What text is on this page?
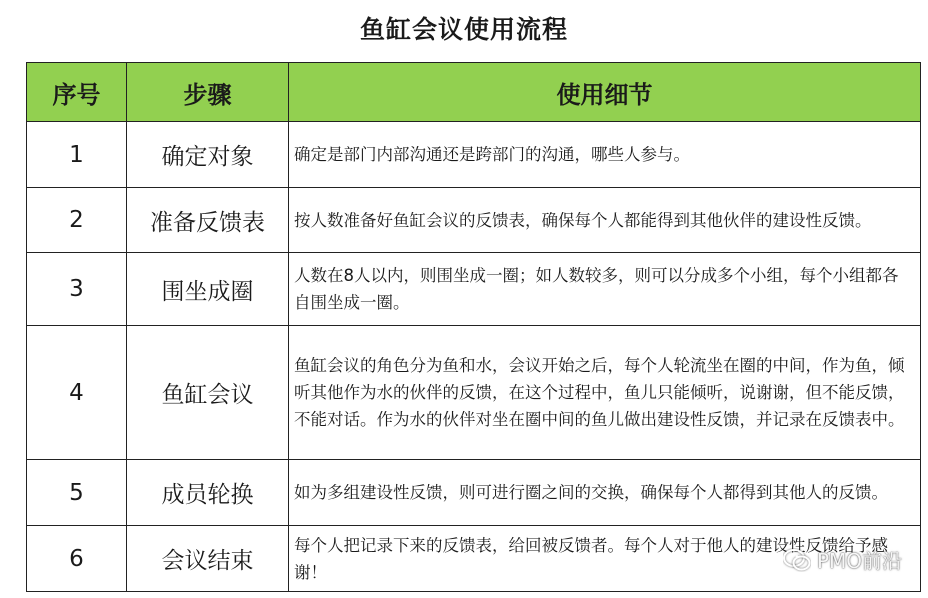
鱼缸会议使用流程
序号	步骤	使用细节
1	确定对象	确定是部门内部沟通还是跨部门的沟通，哪些人参与。
2	准备反馈表	按人数准备好鱼缸会议的反馈表，确保每个人都能得到其他伙伴的建设性反馈。
3	围坐成圈	人数在8人以内，则围坐成一圈；如人数较多，则可以分成多个小组，每个小组都各自围坐成一圈。
4	鱼缸会议	鱼缸会议的角色分为鱼和水，会议开始之后，每个人轮流坐在圈的中间，作为鱼，倾听其他作为水的伙伴的反馈，在这个过程中，鱼儿只能倾听，说谢谢，但不能反馈，不能对话。作为水的伙伴对坐在圈中间的鱼儿做出建设性反馈，并记录在反馈表中。
5	成员轮换	如为多组建设性反馈，则可进行圈之间的交换，确保每个人都得到其他人的反馈。
6	会议结束	每个人把记录下来的反馈表，给回被反馈者。每个人对于他人的建设性反馈给予感谢！	PMO前沿
